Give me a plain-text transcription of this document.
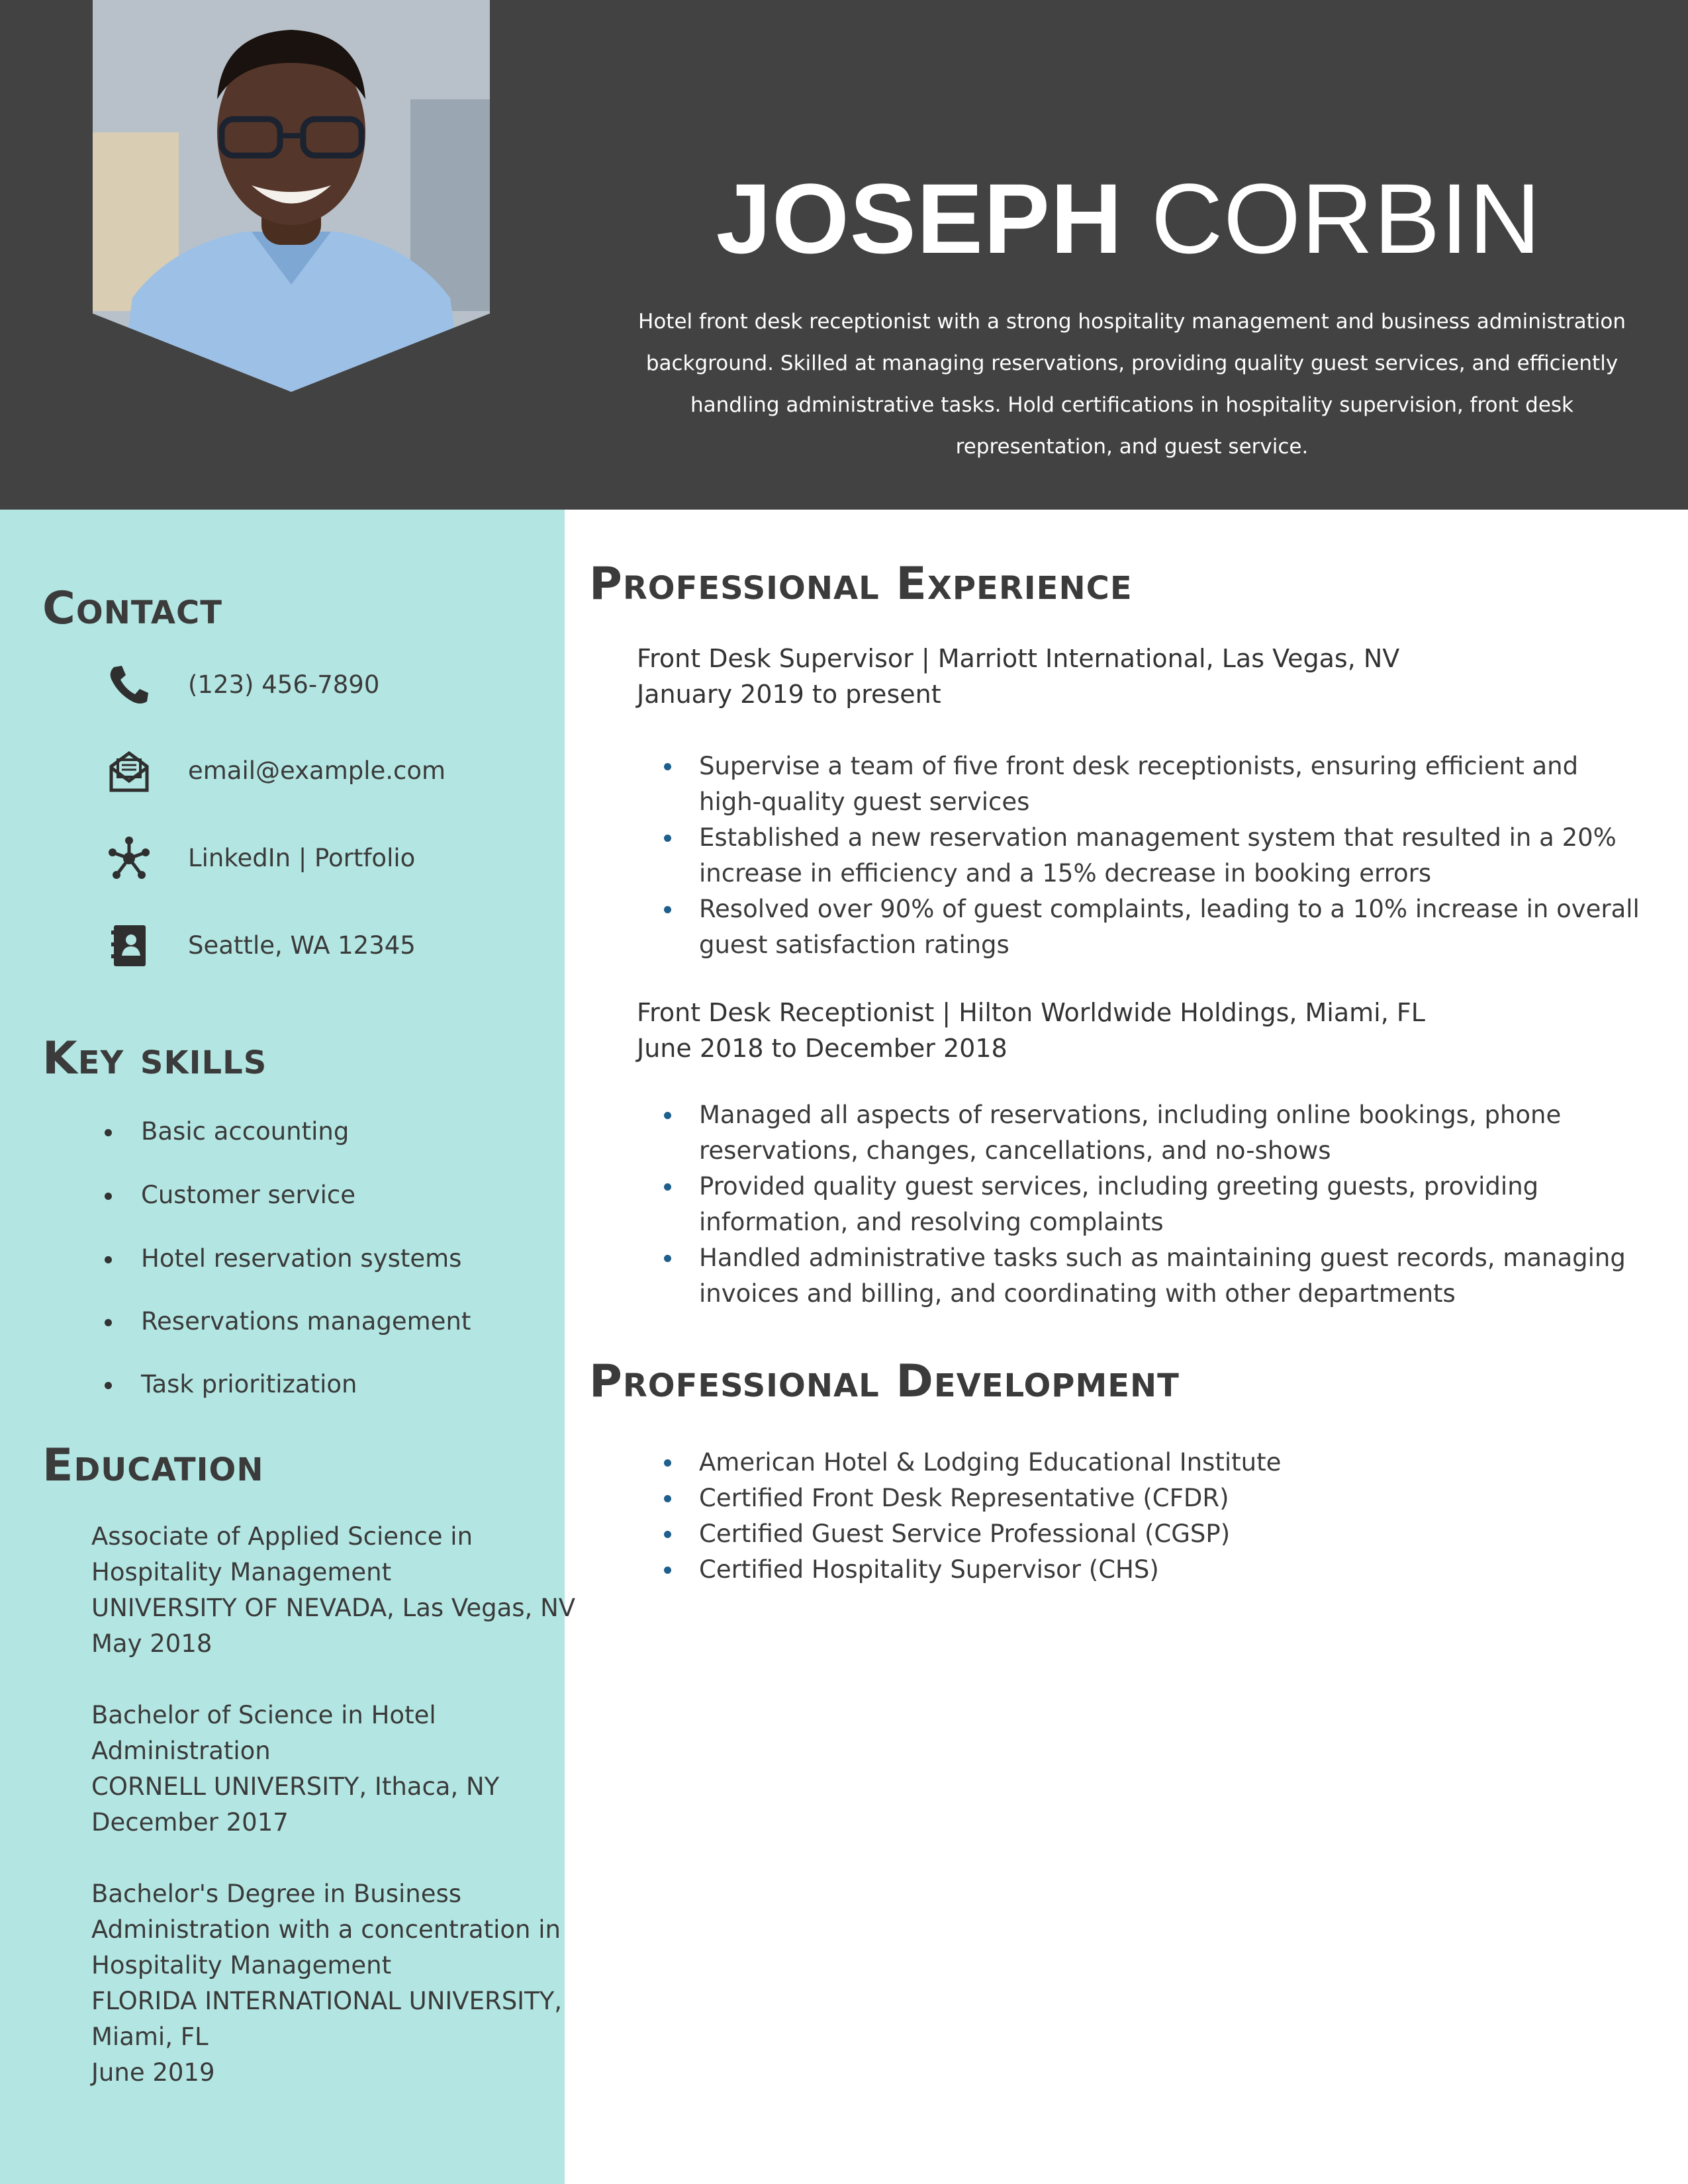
JOSEPH CORBIN
Hotel front desk receptionist with a strong hospitality management and business administration background. Skilled at managing reservations, providing quality guest services, and efficiently handling administrative tasks. Hold certifications in hospitality supervision, front desk representation, and guest service.
Contact
(123) 456-7890
email@example.com
LinkedIn | Portfolio
Seattle, WA 12345
Key skills
Basic accounting
Customer service
Hotel reservation systems
Reservations management
Task prioritization
Education
Associate of Applied Science in
Hospitality Management
UNIVERSITY OF NEVADA, Las Vegas, NV
May 2018
Bachelor of Science in Hotel
Administration
CORNELL UNIVERSITY, Ithaca, NY
December 2017
Bachelor's Degree in Business
Administration with a concentration in
Hospitality Management
FLORIDA INTERNATIONAL UNIVERSITY,
Miami, FL
June 2019
Professional Experience
Front Desk Supervisor | Marriott International, Las Vegas, NV
January 2019 to present
Supervise a team of five front desk receptionists, ensuring efficient and high-quality guest services
Established a new reservation management system that resulted in a 20% increase in efficiency and a 15% decrease in booking errors
Resolved over 90% of guest complaints, leading to a 10% increase in overall guest satisfaction ratings
Front Desk Receptionist | Hilton Worldwide Holdings, Miami, FL
June 2018 to December 2018
Managed all aspects of reservations, including online bookings, phone reservations, changes, cancellations, and no-shows
Provided quality guest services, including greeting guests, providing information, and resolving complaints
Handled administrative tasks such as maintaining guest records, managing invoices and billing, and coordinating with other departments
Professional Development
American Hotel & Lodging Educational Institute
Certified Front Desk Representative (CFDR)
Certified Guest Service Professional (CGSP)
Certified Hospitality Supervisor (CHS)
